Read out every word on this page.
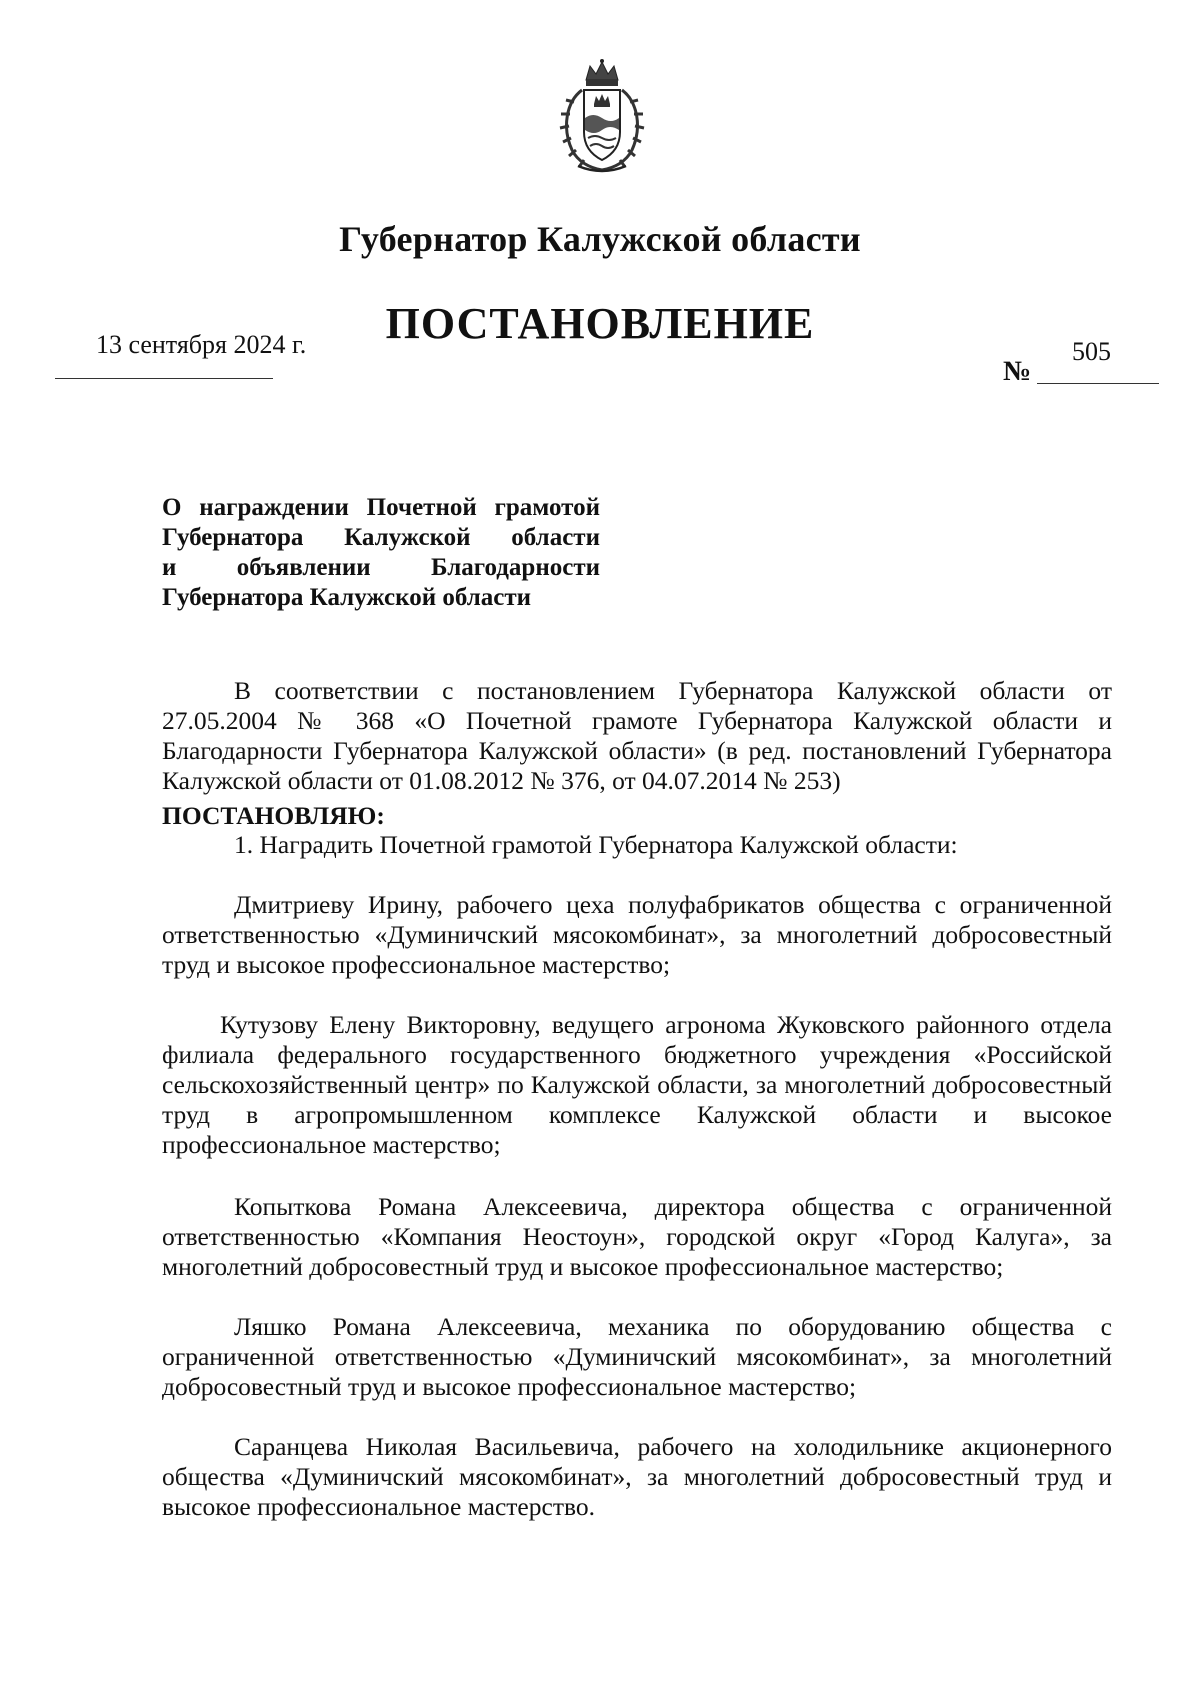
Губернатор Калужской области
ПОСТАНОВЛЕНИЕ
13 сентября 2024 г.
№
505
О награждении Почетной грамотой
Губернатора Калужской области
и объявлении Благодарности
Губернатора Калужской области

В соответствии с постановлением Губернатора Калужской области от 27.05.2004 № 368 «О Почетной грамоте Губернатора Калужской области и Благодарности Губернатора Калужской области» (в ред. постановлений Губернатора Калужской области от 01.08.2012 № 376, от 04.07.2014 № 253)

ПОСТАНОВЛЯЮ:

1. Наградить Почетной грамотой Губернатора Калужской области:

Дмитриеву Ирину, рабочего цеха полуфабрикатов общества с ограниченной ответственностью «Думиничский мясокомбинат», за многолетний добросовестный труд и высокое профессиональное мастерство;

Кутузову Елену Викторовну, ведущего агронома Жуковского районного отдела филиала федерального государственного бюджетного учреждения «Российской сельскохозяйственный центр» по Калужской области, за многолетний добросовестный труд в агропромышленном комплексе Калужской области и высокое профессиональное мастерство;

Копыткова Романа Алексеевича, директора общества с ограниченной ответственностью «Компания Неостоун», городской округ «Город Калуга», за многолетний добросовестный труд и высокое профессиональное мастерство;

Ляшко Романа Алексеевича, механика по оборудованию общества с ограниченной ответственностью «Думиничский мясокомбинат», за многолетний добросовестный труд и высокое профессиональное мастерство;

Саранцева Николая Васильевича, рабочего на холодильнике акционерного общества «Думиничский мясокомбинат», за многолетний добросовестный труд и высокое профессиональное мастерство.
